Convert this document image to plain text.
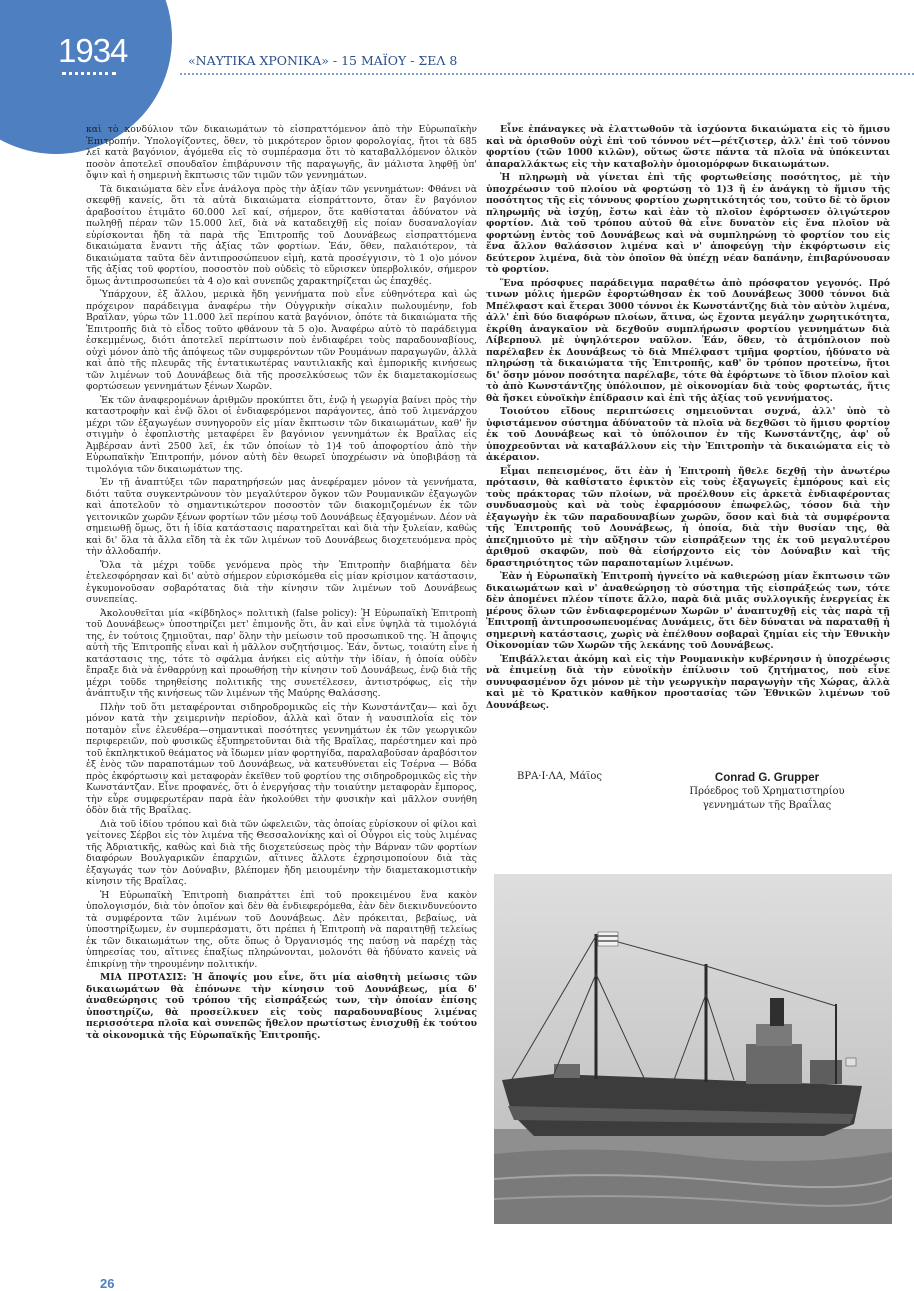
1934	«ΝΑΥΤΙΚΑ ΧΡΟΝΙΚΑ» - 15 ΜΑΪΟΥ - ΣΕΛ 8

καὶ τὸ κονδύλιον τῶν δικαιωμάτων τὸ εἰσπραττόμενον ἀπὸ τὴν Εὐρωπαϊκὴν Ἐπιτροπήν. Ὑπολογίζοντες, ὅθεν, τὸ μικρότερον ὅριον φορολογίας, ἤτοι τὰ 685 λεῖ κατὰ βαγόνιον, ἀγόμεθα εἰς τὸ συμπέρασμα ὅτι τὸ καταβαλλόμενον ὁλικὸν ποσὸν ἀποτελεῖ σπουδαῖον ἐπιβάρυνσιν τῆς παραγωγῆς, ἂν μάλιστα ληφθῇ ὑπ' ὄψιν καὶ ἡ σημερινὴ ἔκπτωσις τῶν τιμῶν τῶν γεννημάτων.

Τὰ δικαιώματα δὲν εἶνε ἀνάλογα πρὸς τὴν ἀξίαν τῶν γεννημάτων: Φθάνει νὰ σκεφθῇ κανείς, ὅτι τὰ αὐτὰ δικαιώματα εἰσπράττοντο, ὅταν ἓν βαγόνιον ἀραβοσίτου ἐτιμᾶτο 60.000 λεῖ καί, σήμερον, ὅτε καθίσταται ἀδύνατον νὰ πωληθῇ πέραν τῶν 15.000 λεῖ, διὰ νὰ καταδειχθῇ εἰς ποίαν δυσαναλογίαν εὑρίσκονται ἤδη τὰ παρὰ τῆς Ἐπιτροπῆς τοῦ Δουνάβεως εἰσπραττόμενα δικαιώματα ἔναντι τῆς ἀξίας τῶν φορτίων. Ἐάν, ὅθεν, παλαιότερον, τὰ δικαιώματα ταῦτα δὲν ἀντιπροσώπευον εἰμὴ, κατὰ προσέγγισιν, τὸ 1 ο)ο μόνον τῆς ἀξίας τοῦ φορτίου, ποσοστὸν ποὺ οὐδεὶς τὸ εὕρισκεν ὑπερβολικόν, σήμερον ὅμως ἀντιπροσωπεύει τὰ 4 ο)ο καὶ συνεπῶς χαρακτηρίζεται ὡς ἐπαχθές.

Ὑπάρχουν, ἐξ ἄλλου, μερικὰ ἤδη γεννήματα ποὺ εἶνε εὐθηνότερα καὶ ὡς πρόχειρον παράδειγμα ἀναφέρω τὴν Οὐγγρικὴν σίκαλιν πωλουμένην, fob Βραΐλαν, γύρω τῶν 11.000 λεῖ περίπου κατὰ βαγόνιον, ὁπότε τὰ δικαιώματα τῆς Ἐπιτροπῆς διὰ τὸ εἶδος τοῦτο φθάνουν τὰ 5 ο)ο. Ἀναφέρω αὐτὸ τὸ παράδειγμα ἐσκεμμένως, διότι ἀποτελεῖ περίπτωσιν ποὺ ἐνδιαφέρει τοὺς παραδουναβίους, οὐχὶ μόνον ἀπὸ τῆς ἀπόψεως τῶν συμφερόντων τῶν Ρουμάνων παραγωγῶν, ἀλλὰ καὶ ἀπὸ τῆς πλευρᾶς τῆς ἐντατικωτέρας ναυτιλιακῆς καὶ ἐμπορικῆς κινήσεως τῶν λιμένων τοῦ Δουνάβεως διὰ τῆς προσελκύσεως τῶν ἐκ διαμετακομίσεως φορτώσεων γεννημάτων ξένων Χωρῶν.

Ἐκ τῶν ἀναφερομένων ἀριθμῶν προκύπτει ὅτι, ἐνῷ ἡ γεωργία βαίνει πρὸς τὴν καταστροφὴν καὶ ἐνῷ ὅλοι οἱ ἐνδιαφερόμενοι παράγοντες, ἀπὸ τοῦ λιμενάρχου μέχρι τῶν ἐξαγωγέων συνηγοροῦν εἰς μίαν ἔκπτωσιν τῶν δικαιωμάτων, καθ' ἣν στιγμὴν ὁ ἐφοπλιστὴς μεταφέρει ἓν βαγόνιον γεννημάτων ἐκ Βραΐλας εἰς Ἀμβέρσαν ἀντὶ 2500 λεῖ, ἐκ τῶν ὁποίων τὸ 1)4 τοῦ ἀποφορτίου ἀπὸ τὴν Εὐρωπαϊκὴν Ἐπιτροπήν, μόνον αὐτὴ δὲν θεωρεῖ ὑποχρέωσιν νὰ ὑποβιβάσῃ τὰ τιμολόγια τῶν δικαιωμάτων της.

Ἐν τῇ ἀναπτύξει τῶν παρατηρήσεών μας ἀνεφέραμεν μόνον τὰ γεννήματα, διότι ταῦτα συγκεντρώνουν τὸν μεγαλύτερον ὄγκον τῶν Ρουμανικῶν ἐξαγωγῶν καὶ ἀποτελοῦν τὸ σημαντικώτερον ποσοστὸν τῶν διακομιζομένων ἐκ τῶν γειτονικῶν χωρῶν ξένων φορτίων τῶν μέσῳ τοῦ Δουνάβεως ἐξαγομένων. Δέον νὰ σημειωθῇ ὅμως, ὅτι ἡ ἰδία κατάστασις παρατηρεῖται καὶ διὰ τὴν ξυλείαν, καθὼς καὶ δι' ὅλα τὰ ἄλλα εἴδη τὰ ἐκ τῶν λιμένων τοῦ Δουνάβεως διοχετευόμενα πρὸς τὴν ἀλλοδαπήν.

Ὅλα τὰ μέχρι τοῦδε γενόμενα πρὸς τὴν Ἐπιτροπὴν διαβήματα δὲν ἐτελεσφόρησαν καὶ δι' αὐτὸ σήμερον εὑρισκόμεθα εἰς μίαν κρίσιμον κατάστασιν, ἐγκυμονοῦσαν σοβαρότατας διὰ τὴν κίνησιν τῶν λιμένων τοῦ Δουνάβεως συνεπείας.

Ἀκολουθεῖται μία «κίβδηλος» πολιτικὴ (false policy): Ἡ Εὐρωπαϊκὴ Ἐπιτροπὴ τοῦ Δουνάβεως» ὑποστηρίζει μετ' ἐπιμονῆς ὅτι, ἂν καὶ εἶνε ὑψηλὰ τὰ τιμολόγιά της, ἐν τούτοις ζημιοῦται, παρ' ὅλην τὴν μείωσιν τοῦ προσωπικοῦ της. Ἡ ἄποψις αὐτὴ τῆς Ἐπιτροπῆς εἶναι καὶ ἡ μᾶλλον συζητήσιμος. Ἐάν, ὄντως, τοιαύτη εἶνε ἡ κατάστασις της, τότε τὸ σφάλμα ἀνήκει εἰς αὐτὴν τὴν ἰδίαν, ἡ ὁποία οὐδὲν ἔπραξε διὰ νὰ ἐνθαρρύνῃ καὶ προωθήσῃ τὴν κίνησιν τοῦ Δουνάβεως, ἐνῷ διὰ τῆς μέχρι τοῦδε τηρηθείσης πολιτικῆς της συνετέλεσεν, ἀντιστρόφως, εἰς τὴν ἀνάπτυξιν τῆς κινήσεως τῶν λιμένων τῆς Μαύρης Θαλάσσης.

Πλὴν τοῦ ὅτι μεταφέρονται σιδηροδρομικῶς εἰς τὴν Κωνστάντζαν— καὶ ὄχι μόνον κατὰ τὴν χειμερινὴν περίοδον, ἀλλὰ καὶ ὅταν ἡ ναυσιπλοΐα εἰς τὸν ποταμὸν εἶνε ἐλευθέρα—σημαντικαὶ ποσότητες γεννημάτων ἐκ τῶν γεωργικῶν περιφερειῶν, ποὺ φυσικῶς ἐξυπηρετοῦνται διὰ τῆς Βραΐλας, παρέστημεν καὶ πρὸ τοῦ ἐκπληκτικοῦ θεάματος νὰ ἴδωμεν μίαν φορτηγίδα, παραλαβοῦσαν ἀραβόσιτον ἐξ ἑνὸς τῶν παραποτάμων τοῦ Δουνάβεως, νὰ κατευθύνεται εἰς Τσέρνα — Βόδα πρὸς ἐκφόρτωσιν καὶ μεταφορὰν ἐκεῖθεν τοῦ φορτίου της σιδηροδρομικῶς εἰς τὴν Κωνστάντζαν. Εἶνε προφανές, ὅτι ὁ ἐνεργήσας τὴν τοιαύτην μεταφορὰν ἔμπορος, τὴν εὗρε συμφερωτέραν παρὰ ἐὰν ἠκολούθει τὴν φυσικὴν καὶ μᾶλλον συνήθη ὁδὸν διὰ τῆς Βραΐλας.

Διὰ τοῦ ἰδίου τρόπου καὶ διὰ τῶν ὠφελειῶν, τὰς ὁποίας εὑρίσκουν οἱ φίλοι καὶ γείτονες Σέρβοι εἰς τὸν λιμένα τῆς Θεσσαλονίκης καὶ οἱ Οὗγροι εἰς τοὺς λιμένας τῆς Ἀδριατικῆς, καθὼς καὶ διὰ τῆς διοχετεύσεως πρὸς τὴν Βάρναν τῶν φορτίων διαφόρων Βουλγαρικῶν ἐπαρχιῶν, αἵτινες ἄλλοτε ἐχρησιμοποίουν διὰ τὰς ἐξαγωγάς των τὸν Δούναβιν, βλέπομεν ἤδη μειουμένην τὴν διαμετακομιστικὴν κίνησιν τῆς Βραΐλας.

Ἡ Εὐρωπαϊκὴ Ἐπιτροπὴ διαπράττει ἐπὶ τοῦ προκειμένου ἕνα κακὸν ὑπολογισμόν, διὰ τὸν ὁποῖον καὶ δὲν θὰ ἐνδιεφερόμεθα, ἐὰν δὲν διεκινδυνεύοντο τὰ συμφέροντα τῶν λιμένων τοῦ Δουνάβεως. Δὲν πρόκειται, βεβαίως, νὰ ὑποστηρίξωμεν, ἐν συμπεράσματι, ὅτι πρέπει ἡ Ἐπιτροπὴ νὰ παραιτηθῇ τελείως ἐκ τῶν δικαιωμάτων της, οὔτε ὅπως ὁ Ὀργανισμός της παύσῃ νὰ παρέχῃ τὰς ὑπηρεσίας του, αἵτινες ἐπαξίως πληρώνονται, μολονότι θὰ ἠδύνατο κανεὶς νὰ ἐπικρίνῃ τὴν τηρουμένην πολιτικήν.

ΜΙΑ ΠΡΟΤΑΣΙΣ: Ἡ ἄποψίς μου εἶνε, ὅτι μία αἰσθητὴ μείωσις τῶν δικαιωμάτων θὰ ἐπόνωνε τὴν κίνησιν τοῦ Δουνάβεως, μία δ' ἀναθεώρησις τοῦ τρόπου τῆς εἰσπράξεώς των, τὴν ὁποίαν ἐπίσης ὑποστηρίζω, θὰ προσείλκυεν εἰς τοὺς παραδουναβίους λιμένας περισσότερα πλοῖα καὶ συνεπῶς ἤθελον πρωτίστως ἐνισχυθῇ ἐκ τούτου τὰ οἰκονομικὰ τῆς Εὐρωπαϊκῆς Ἐπιτροπῆς.

Εἶνε ἐπάναγκες νὰ ἐλαττωθοῦν τὰ ἰσχύοντα δικαιώματα εἰς τὸ ἥμισυ καὶ νὰ ὁρισθοῦν οὐχὶ ἐπὶ τοῦ τόννου νέτ—ρέτζιστερ, ἀλλ' ἐπὶ τοῦ τόννου φορτίου (τῶν 1000 κιλῶν), οὕτως ὥστε πάντα τὰ πλοῖα νὰ ὑπόκεινται ἀπαραλλάκτως εἰς τὴν καταβολὴν ὁμοιομόρφων δικαιωμάτων.

Ἡ πληρωμὴ νὰ γίνεται ἐπὶ τῆς φορτωθείσης ποσότητος, μὲ τὴν ὑποχρέωσιν τοῦ πλοίου νὰ φορτώσῃ τὸ 1)3 ἢ ἐν ἀνάγκῃ τὸ ἥμισυ τῆς ποσότητος τῆς εἰς τόννους φορτίου χωρητικότητός του, τοῦτο δὲ τὸ ὅριον πληρωμῆς νὰ ἰσχύῃ, ἔστω καὶ ἐὰν τὸ πλοῖον ἐφόρτωσεν ὀλιγώτερον φορτίον. Διὰ τοῦ τρόπου αὐτοῦ θὰ εἶνε δυνατὸν εἰς ἕνα πλοῖον νὰ φορτώνῃ ἐντὸς τοῦ Δουνάβεως καὶ νὰ συμπληρώνῃ τὸ φορτίον του εἰς ἕνα ἄλλον θαλάσσιον λιμένα καὶ ν' ἀποφεύγῃ τὴν ἐκφόρτωσιν εἰς δεύτερον λιμένα, διὰ τὸν ὁποῖον θὰ ὑπέχῃ νέαν δαπάνην, ἐπιβαρύνουσαν τὸ φορτίον.

Ἕνα πρόσφυες παράδειγμα παραθέτω ἀπὸ πρόσφατον γεγονός. Πρό τινων μόλις ἡμερῶν ἐφορτώθησαν ἐκ τοῦ Δουνάβεως 3000 τόννοι διὰ Μπέλφαστ καὶ ἕτεραι 3000 τόννοι ἐκ Κωνστάντζης διὰ τὸν αὐτὸν λιμένα, ἀλλ' ἐπὶ δύο διαφόρων πλοίων, ἅτινα, ὡς ἔχοντα μεγάλην χωρητικότητα, ἐκρίθη ἀναγκαῖον νὰ δεχθοῦν συμπλήρωσιν φορτίου γεννημάτων διὰ Λίβερπουλ μὲ ὑψηλότερον ναῦλον. Ἐάν, ὅθεν, τὸ ἀτμόπλοιον ποὺ παρέλαβεν ἐκ Δουνάβεως τὸ διὰ Μπέλφαστ τμῆμα φορτίου, ἠδύνατο νὰ πληρώσῃ τὰ δικαιώματα τῆς Ἐπιτροπῆς, καθ' ὃν τρόπον προτείνω, ἤτοι δι' ὅσην μόνον ποσότητα παρέλαβε, τότε θὰ ἐφόρτωνε τὸ ἴδιον πλοῖον καὶ τὸ ἀπὸ Κωνστάντζης ὑπόλοιπον, μὲ οἰκονομίαν διὰ τοὺς φορτωτάς, ἥτις θὰ ἤσκει εὐνοϊκὴν ἐπίδρασιν καὶ ἐπὶ τῆς ἀξίας τοῦ γεννήματος.

Τοιούτου εἴδους περιπτώσεις σημειοῦνται συχνά, ἀλλ' ὑπὸ τὸ ὑφιστάμενον σύστημα ἀδύνατοῦν τὰ πλοῖα νὰ δεχθῶσι τὸ ἥμισυ φορτίον ἐκ τοῦ Δουνάβεως καὶ τὸ ὑπόλοιπον ἐν τῆς Κωνστάντζης, ἀφ' οὗ ὑποχρεοῦνται νὰ καταβάλλουν εἰς τὴν Ἐπιτροπὴν τὰ δικαιώματα εἰς τὸ ἀκέραιον.

Εἶμαι πεπεισμένος, ὅτι ἐὰν ἡ Ἐπιτροπὴ ἤθελε δεχθῇ τὴν ἀνωτέρω πρότασιν, θὰ καθίστατο ἐφικτὸν εἰς τοὺς ἐξαγωγεῖς ἐμπόρους καὶ εἰς τοὺς πράκτορας τῶν πλοίων, νὰ προέλθουν εἰς ἀρκετὰ ἐνδιαφέροντας συνδυασμοὺς καὶ νὰ τοὺς ἐφαρμόσουν ἐπωφελῶς, τόσον διὰ τὴν ἐξαγωγὴν ἐκ τῶν παραδουναβίων χωρῶν, ὅσον καὶ διὰ τὰ συμφέροντα τῆς Ἐπιτροπῆς τοῦ Δουνάβεως, ἡ ὁποία, διὰ τὴν θυσίαν της, θὰ ἀπεζημιοῦτο μὲ τὴν αὔξησιν τῶν εἰσπράξεων της ἐκ τοῦ μεγαλυτέρου ἀριθμοῦ σκαφῶν, ποὺ θὰ εἰσήρχοντο εἰς τὸν Δούναβιν καὶ τῆς δραστηριότητος τῶν παραποταμίων λιμένων.

Ἐὰν ἡ Εὐρωπαϊκὴ Ἐπιτροπὴ ἠγνείτο νὰ καθιερώσῃ μίαν ἔκπτωσιν τῶν δικαιωμάτων καὶ ν' ἀναθεώρησῃ τὸ σύστημα τῆς εἰσπράξεώς των, τότε δὲν ἀπομένει πλέον τίποτε ἄλλο, παρὰ διὰ μιᾶς συλλογικῆς ἐνεργείας ἐκ μέρους ὅλων τῶν ἐνδιαφερομένων Χωρῶν ν' ἀναπτυχθῇ εἰς τὰς παρὰ τῇ Ἐπιτροπῇ ἀντιπροσωπευομένας Δυνάμεις, ὅτι δὲν δύναται νὰ παραταθῇ ἡ σημερινὴ κατάστασις, χωρὶς νὰ ἐπέλθουν σοβαραὶ ζημίαι εἰς τὴν Ἐθνικὴν Οἰκονομίαν τῶν Χωρῶν τῆς λεκάνης τοῦ Δουνάβεως.

Ἐπιβάλλεται ἀκόμη καὶ εἰς τὴν Ρουμανικὴν κυβέρνησιν ἡ ὑποχρέωσις νὰ ἐπιμείνῃ διὰ τὴν εὐνοϊκὴν ἐπίλυσιν τοῦ ζητήματος, ποὺ εἶνε συνυφασμένον ὄχι μόνον μὲ τὴν γεωργικὴν παραγωγὴν τῆς Χώρας, ἀλλὰ καὶ μὲ τὸ Κρατικὸν καθῆκον προστασίας τῶν Ἐθνικῶν λιμένων τοῦ Δουνάβεως.

ΒΡΑ·Ι·ΛΑ, Μάϊος	Conrad G. Grupper
Πρόεδρος τοῦ Χρηματιστηρίου
γεννημάτων τῆς Βραΐλας
26
